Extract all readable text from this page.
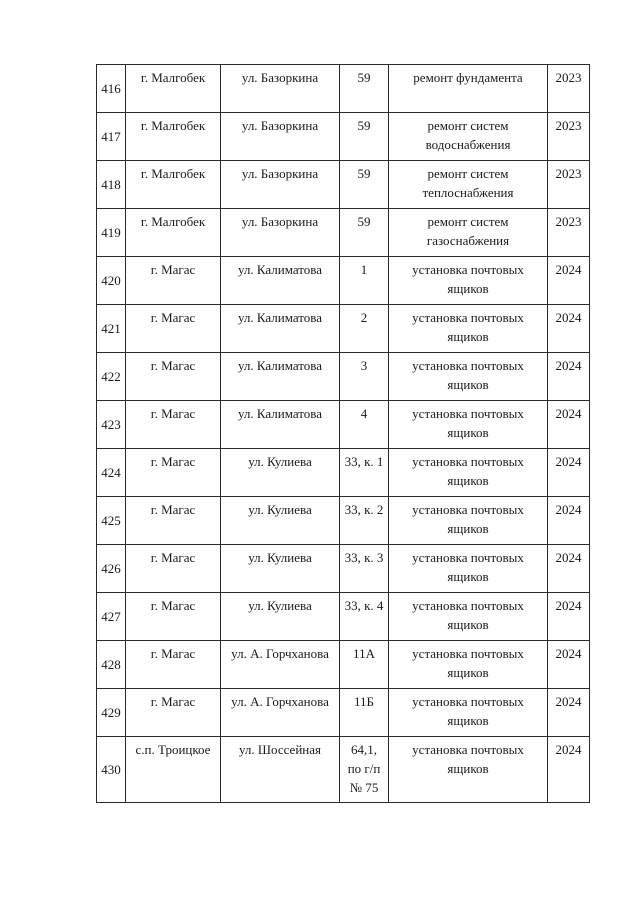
416	г. Малгобек	ул. Базоркина	59	ремонт фундамента	2023
417	г. Малгобек	ул. Базоркина	59	ремонт систем водоснабжения	2023
418	г. Малгобек	ул. Базоркина	59	ремонт систем теплоснабжения	2023
419	г. Малгобек	ул. Базоркина	59	ремонт систем газоснабжения	2023
420	г. Магас	ул. Калиматова	1	установка почтовых ящиков	2024
421	г. Магас	ул. Калиматова	2	установка почтовых ящиков	2024
422	г. Магас	ул. Калиматова	3	установка почтовых ящиков	2024
423	г. Магас	ул. Калиматова	4	установка почтовых ящиков	2024
424	г. Магас	ул. Кулиева	33, к. 1	установка почтовых ящиков	2024
425	г. Магас	ул. Кулиева	33, к. 2	установка почтовых ящиков	2024
426	г. Магас	ул. Кулиева	33, к. 3	установка почтовых ящиков	2024
427	г. Магас	ул. Кулиева	33, к. 4	установка почтовых ящиков	2024
428	г. Магас	ул. А. Горчханова	11А	установка почтовых ящиков	2024
429	г. Магас	ул. А. Горчханова	11Б	установка почтовых ящиков	2024
430	с.п. Троицкое	ул. Шоссейная	64,1, по г/п № 75	установка почтовых ящиков	2024
